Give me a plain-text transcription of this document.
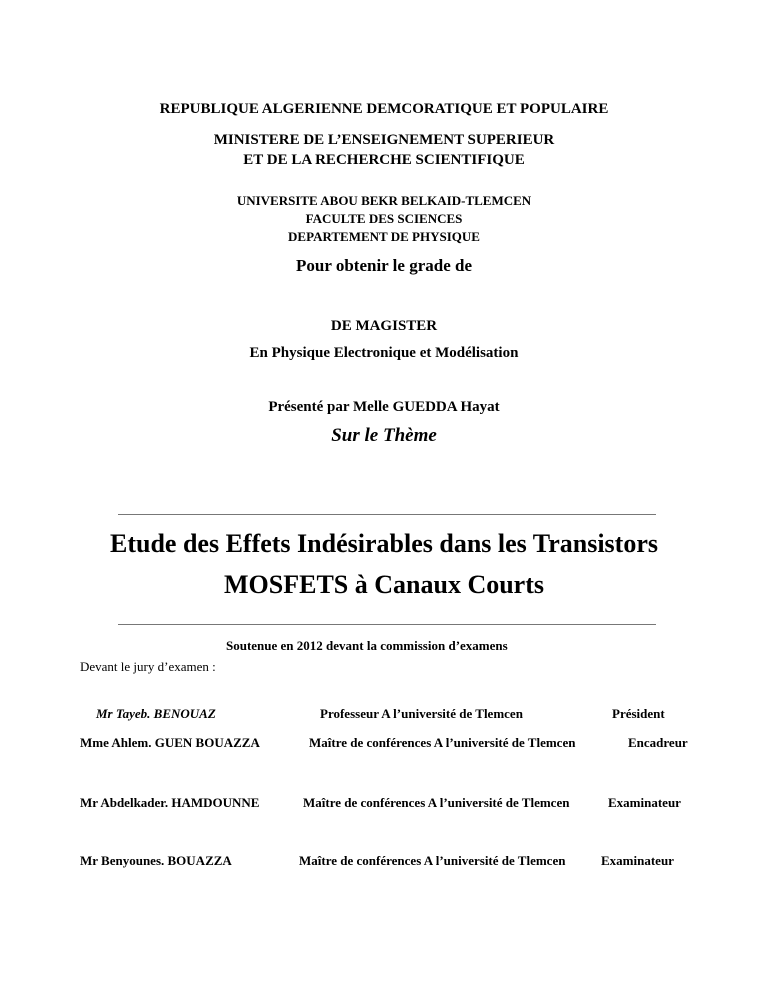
REPUBLIQUE ALGERIENNE DEMCORATIQUE ET POPULAIRE
MINISTERE DE L’ENSEIGNEMENT SUPERIEUR
ET DE LA RECHERCHE SCIENTIFIQUE
UNIVERSITE ABOU BEKR BELKAID-TLEMCEN
FACULTE DES SCIENCES
DEPARTEMENT DE PHYSIQUE
Pour obtenir le grade de
DE MAGISTER
En Physique Electronique et Modélisation
Présenté par Melle GUEDDA Hayat
Sur le Thème
Etude des Effets Indésirables dans les Transistors
MOSFETS à Canaux Courts
Soutenue en 2012 devant la commission d’examens
Devant le jury d’examen :
Mr Tayeb. BENOUAZ	Professeur A l’université de Tlemcen	Président
Mme Ahlem. GUEN BOUAZZA	Maître de conférences A l’université de Tlemcen	Encadreur
Mr Abdelkader. HAMDOUNNE	Maître de conférences A l’université de Tlemcen	Examinateur
Mr Benyounes. BOUAZZA	Maître de conférences A l’université de Tlemcen	Examinateur
